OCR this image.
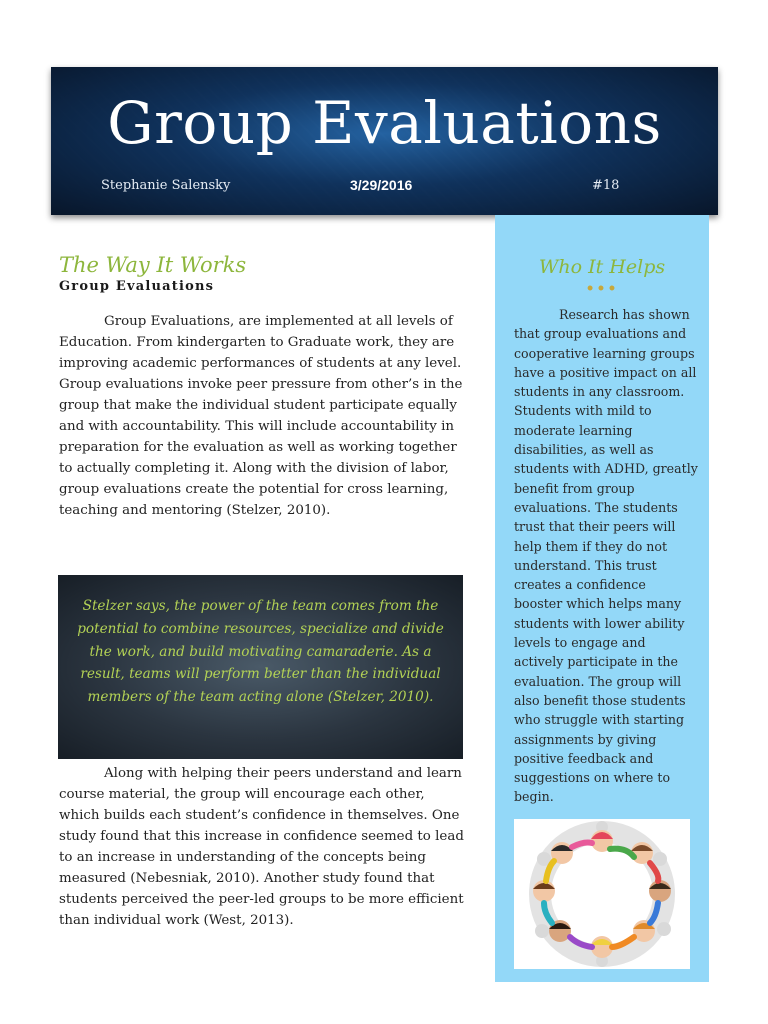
Group Evaluations
Stephanie Salensky	3/29/2016	#18
The Way It Works
Group Evaluations

Group Evaluations, are implemented at all levels of Education. From kindergarten to Graduate work, they are improving academic performances of students at any level. Group evaluations invoke peer pressure from other’s in the group that make the individual student participate equally and with accountability. This will include accountability in preparation for the evaluation as well as working together to actually completing it. Along with the division of labor, group evaluations create the potential for cross learning, teaching and mentoring (Stelzer, 2010).

Stelzer says, the power of the team comes from the potential to combine resources, specialize and divide the work, and build motivating camaraderie. As a result, teams will perform better than the individual members of the team acting alone (Stelzer, 2010).

Along with helping their peers understand and learn course material, the group will encourage each other, which builds each student’s confidence in themselves. One study found that this increase in confidence seemed to lead to an increase in understanding of the concepts being measured (Nebesniak, 2010). Another study found that students perceived the peer-led groups to be more efficient than individual work (West, 2013).

Who It Helps
•••

Research has shown that group evaluations and cooperative learning groups have a positive impact on all students in any classroom. Students with mild to moderate learning disabilities, as well as students with ADHD, greatly benefit from group evaluations. The students trust that their peers will help them if they do not understand. This trust creates a confidence booster which helps many students with lower ability levels to engage and actively participate in the evaluation. The group will also benefit those students who struggle with starting assignments by giving positive feedback and suggestions on where to begin.
